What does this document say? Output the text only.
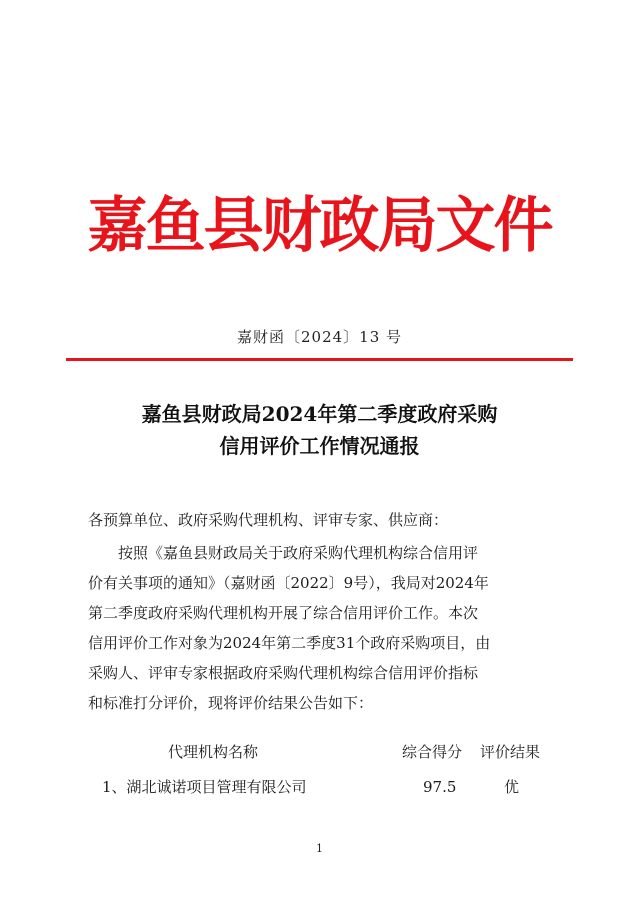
嘉鱼县财政局文件
嘉财函〔2024〕13 号
嘉鱼县财政局2024年第二季度政府采购
信用评价工作情况通报
各预算单位、政府采购代理机构、评审专家、供应商：
　　按照《嘉鱼县财政局关于政府采购代理机构综合信用评
价有关事项的通知》（嘉财函〔2022〕9号），我局对2024年
第二季度政府采购代理机构开展了综合信用评价工作。本次
信用评价工作对象为2024年第二季度31个政府采购项目，由
采购人、评审专家根据政府采购代理机构综合信用评价指标
和标准打分评价，现将评价结果公告如下：
代理机构名称	综合得分 评价结果
1、湖北诚诺项目管理有限公司	97.5	优
1
